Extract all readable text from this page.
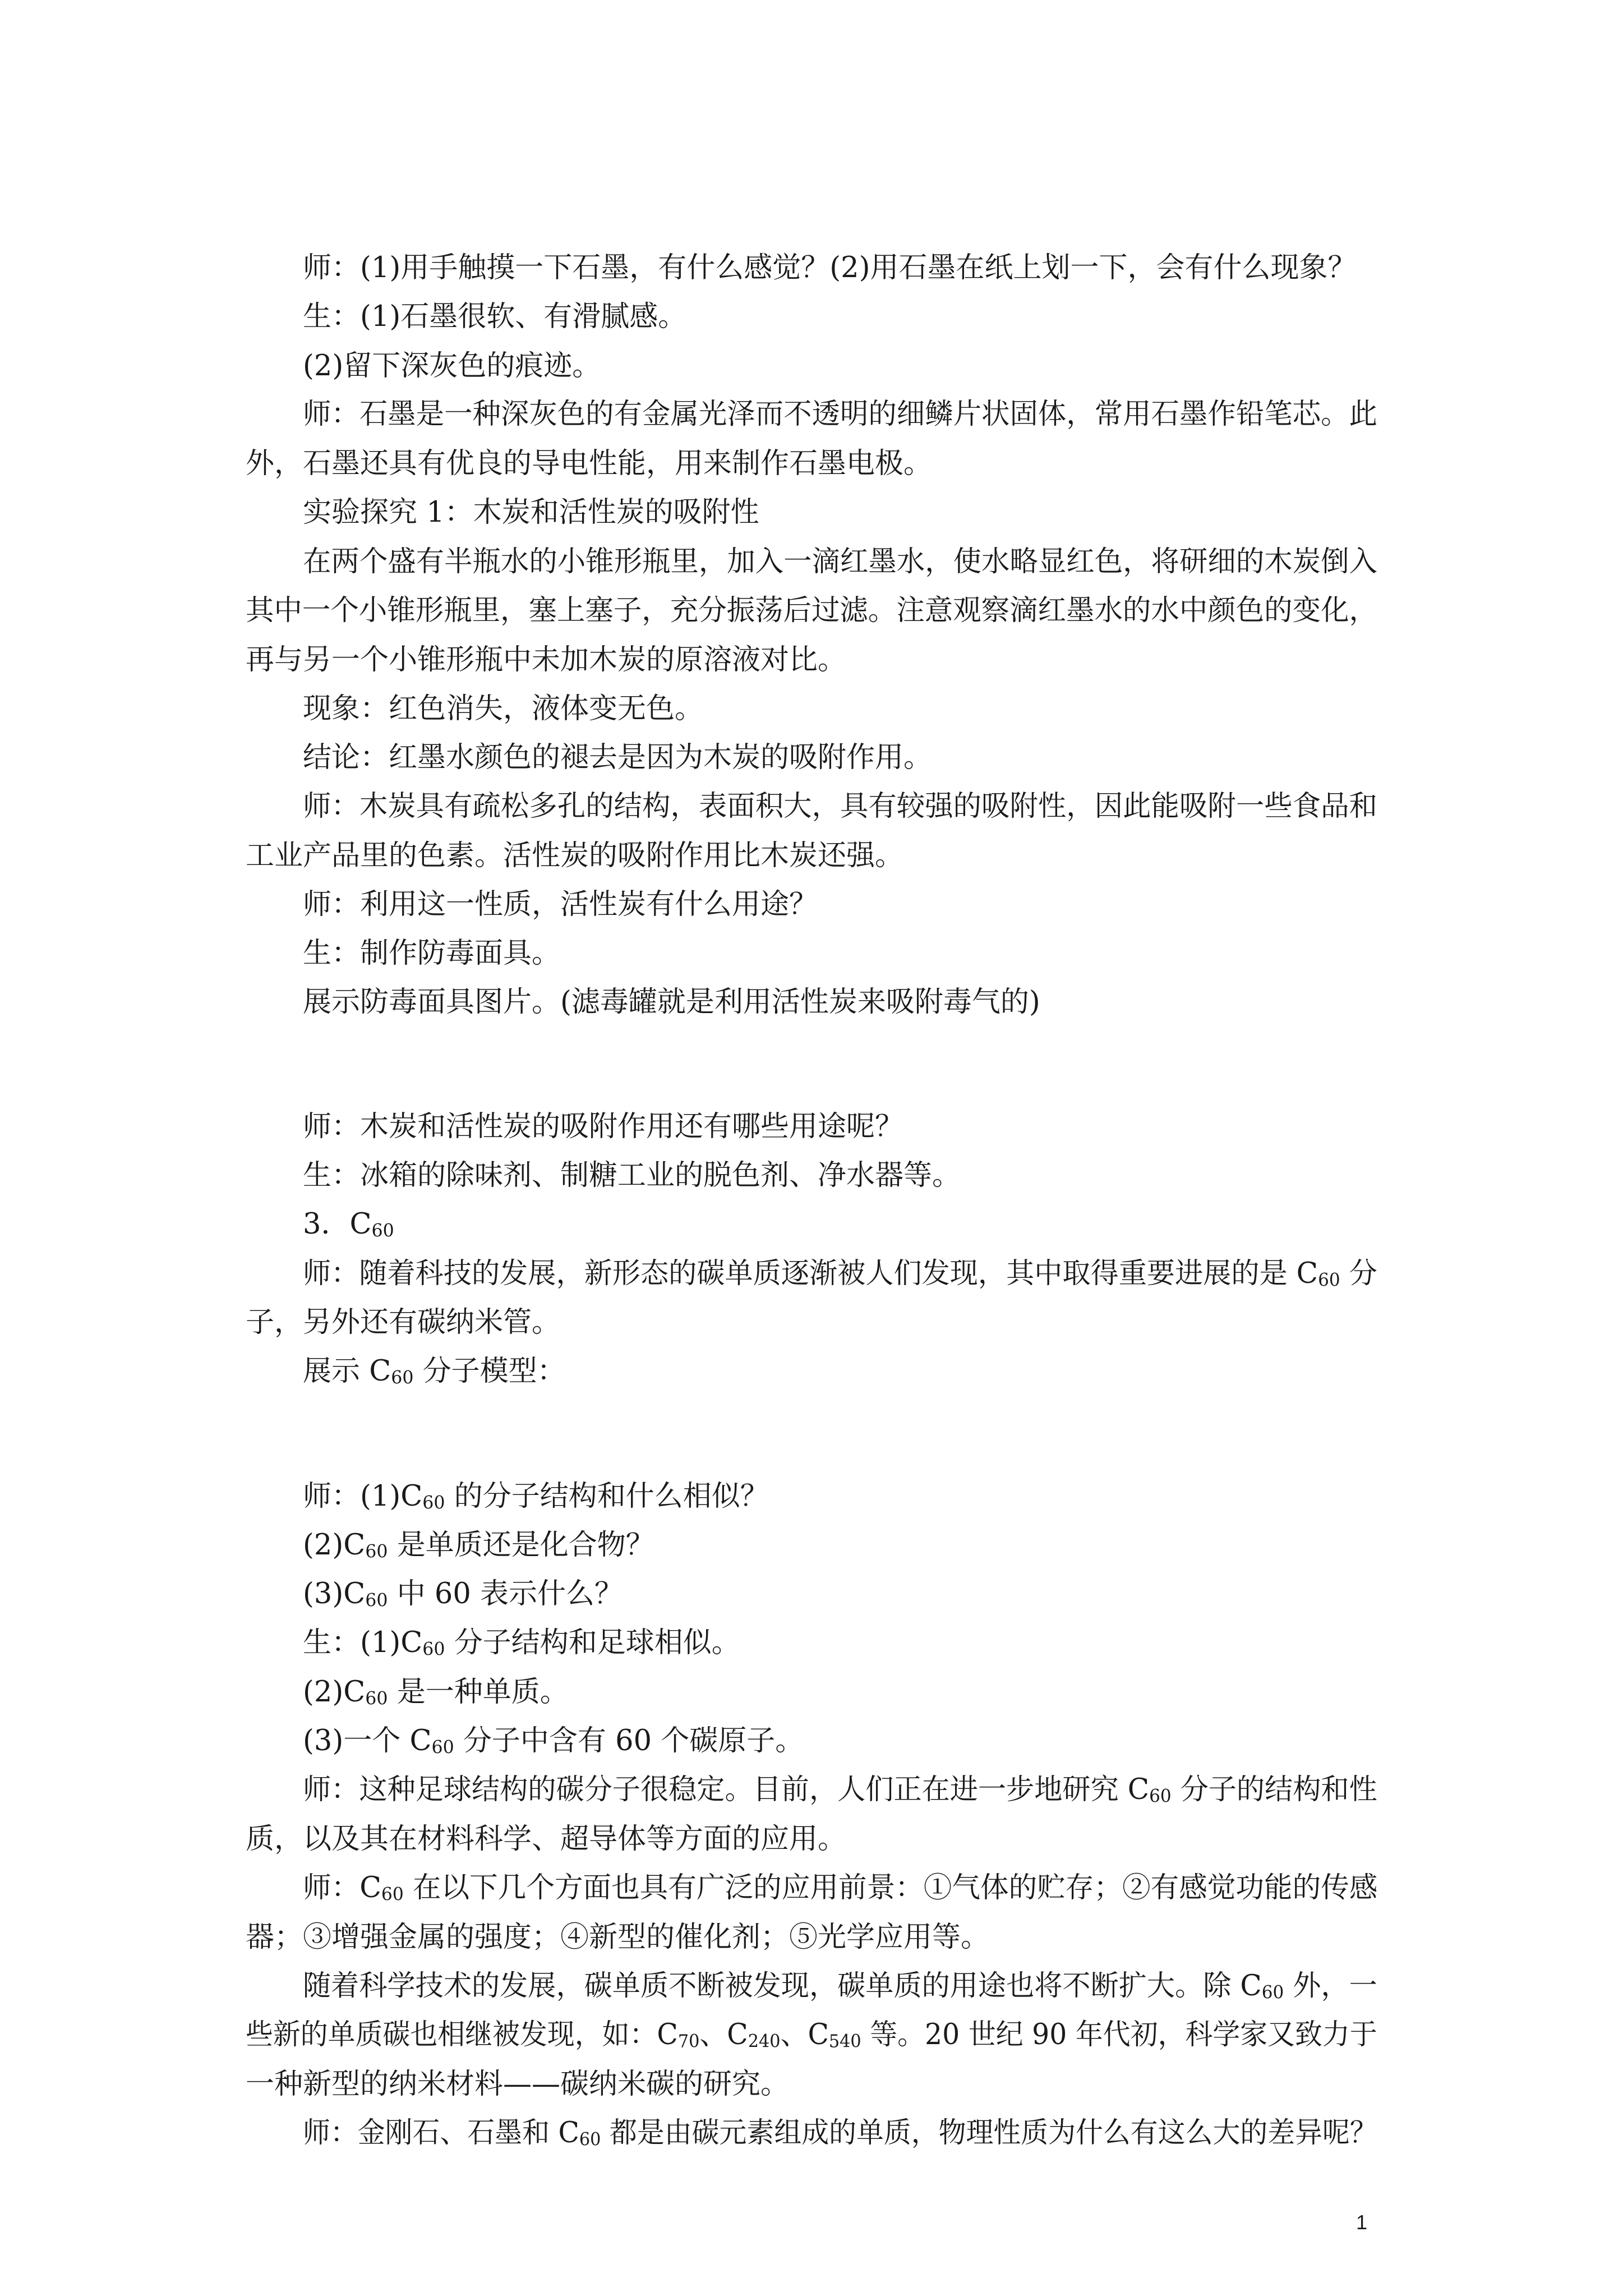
师：(1)用手触摸一下石墨，有什么感觉？(2)用石墨在纸上划一下，会有什么现象？
生：(1)石墨很软、有滑腻感。
(2)留下深灰色的痕迹。
师：石墨是一种深灰色的有金属光泽而不透明的细鳞片状固体，常用石墨作铅笔芯。此
外，石墨还具有优良的导电性能，用来制作石墨电极。
实验探究 1：木炭和活性炭的吸附性
在两个盛有半瓶水的小锥形瓶里，加入一滴红墨水，使水略显红色，将研细的木炭倒入
其中一个小锥形瓶里，塞上塞子，充分振荡后过滤。注意观察滴红墨水的水中颜色的变化，
再与另一个小锥形瓶中未加木炭的原溶液对比。
现象：红色消失，液体变无色。
结论：红墨水颜色的褪去是因为木炭的吸附作用。
师：木炭具有疏松多孔的结构，表面积大，具有较强的吸附性，因此能吸附一些食品和
工业产品里的色素。活性炭的吸附作用比木炭还强。
师：利用这一性质，活性炭有什么用途？
生：制作防毒面具。
展示防毒面具图片。(滤毒罐就是利用活性炭来吸附毒气的)
师：木炭和活性炭的吸附作用还有哪些用途呢？
生：冰箱的除味剂、制糖工业的脱色剂、净水器等。
3．$C_{60}$
师：随着科技的发展，新形态的碳单质逐渐被人们发现，其中取得重要进展的是 $C_{60}$ 分
子，另外还有碳纳米管。
展示 $C_{60}$ 分子模型：
师：$(1)C_{60}$ 的分子结构和什么相似？
$(2)C_{60}$ 是单质还是化合物？
$(3)C_{60}$ 中 60 表示什么？
生：$(1)C_{60}$ 分子结构和足球相似。
$(2)C_{60}$ 是一种单质。
(3)一个 $C_{60}$ 分子中含有 60 个碳原子。
师：这种足球结构的碳分子很稳定。目前，人们正在进一步地研究 $C_{60}$ 分子的结构和性
质，以及其在材料科学、超导体等方面的应用。
师：$C_{60}$ 在以下几个方面也具有广泛的应用前景：①气体的贮存；②有感觉功能的传感
器；③增强金属的强度；④新型的催化剂；⑤光学应用等。
随着科学技术的发展，碳单质不断被发现，碳单质的用途也将不断扩大。除 $C_{60}$ 外，一
些新的单质碳也相继被发现，如：$C_{70}$、$C_{240}$、$C_{540}$ 等。20 世纪 90 年代初，科学家又致力于
一种新型的纳米材料——碳纳米碳的研究。
师：金刚石、石墨和 $C_{60}$ 都是由碳元素组成的单质，物理性质为什么有这么大的差异呢？
1
